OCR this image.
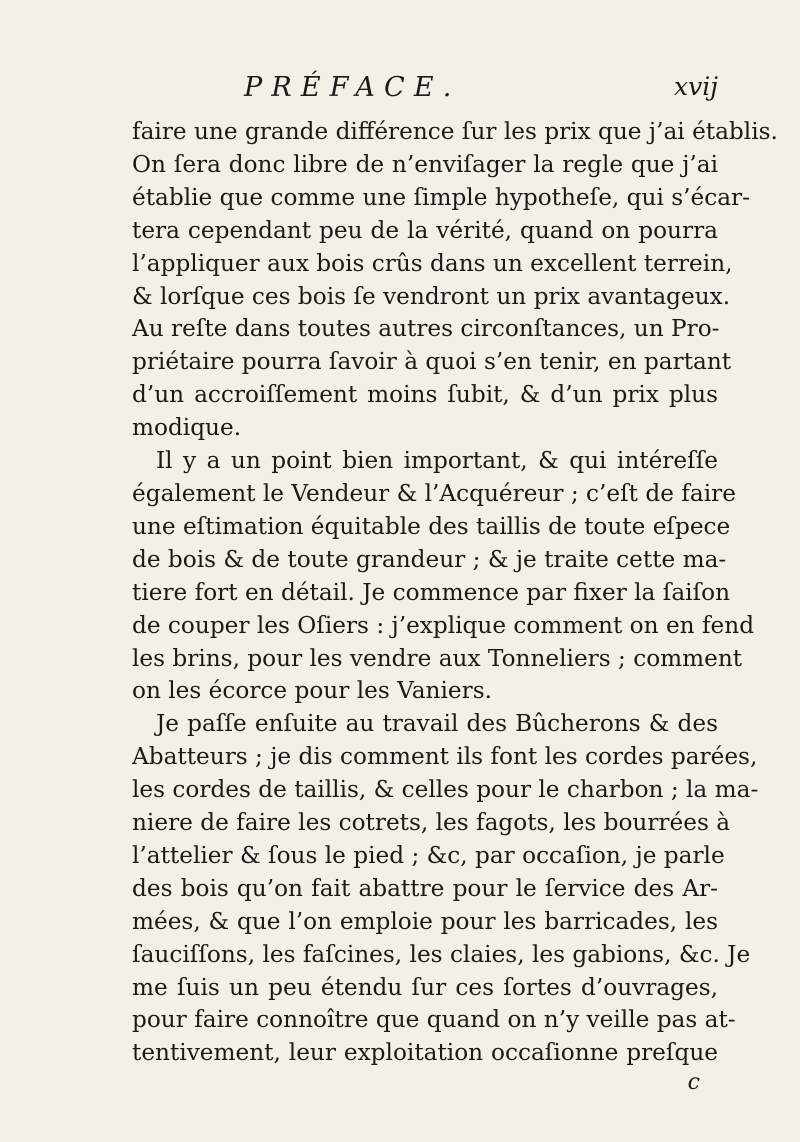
PRÉFACE.	xvij
faire une grande différence ſur les prix que j’ai établis.
On ſera donc libre de n’enviſager la regle que j’ai
établie que comme une ſimple hypotheſe, qui s’écar-
tera cependant peu de la vérité, quand on pourra
l’appliquer aux bois crûs dans un excellent terrein,
& lorſque ces bois ſe vendront un prix avantageux.
Au reſte dans toutes autres circonſtances, un Pro-
priétaire pourra ſavoir à quoi s’en tenir, en partant
d’un accroiſſement moins ſubit, & d’un prix plus
modique.
Il y a un point bien important, & qui intéreſſe
également le Vendeur & l’Acquéreur ; c’eſt de faire
une eſtimation équitable des taillis de toute eſpece
de bois & de toute grandeur ; & je traite cette ma-
tiere fort en détail. Je commence par fixer la ſaiſon
de couper les Oſiers : j’explique comment on en fend
les brins, pour les vendre aux Tonneliers ; comment
on les écorce pour les Vaniers.
Je paſſe enſuite au travail des Bûcherons & des
Abatteurs ; je dis comment ils font les cordes parées,
les cordes de taillis, & celles pour le charbon ; la ma-
niere de faire les cotrets, les fagots, les bourrées à
l’attelier & ſous le pied ; &c, par occaſion, je parle
des bois qu’on fait abattre pour le ſervice des Ar-
mées, & que l’on emploie pour les barricades, les
ſauciſſons, les faſcines, les claies, les gabions, &c. Je
me ſuis un peu étendu ſur ces ſortes d’ouvrages,
pour faire connoître que quand on n’y veille pas at-
tentivement, leur exploitation occaſionne preſque
c
